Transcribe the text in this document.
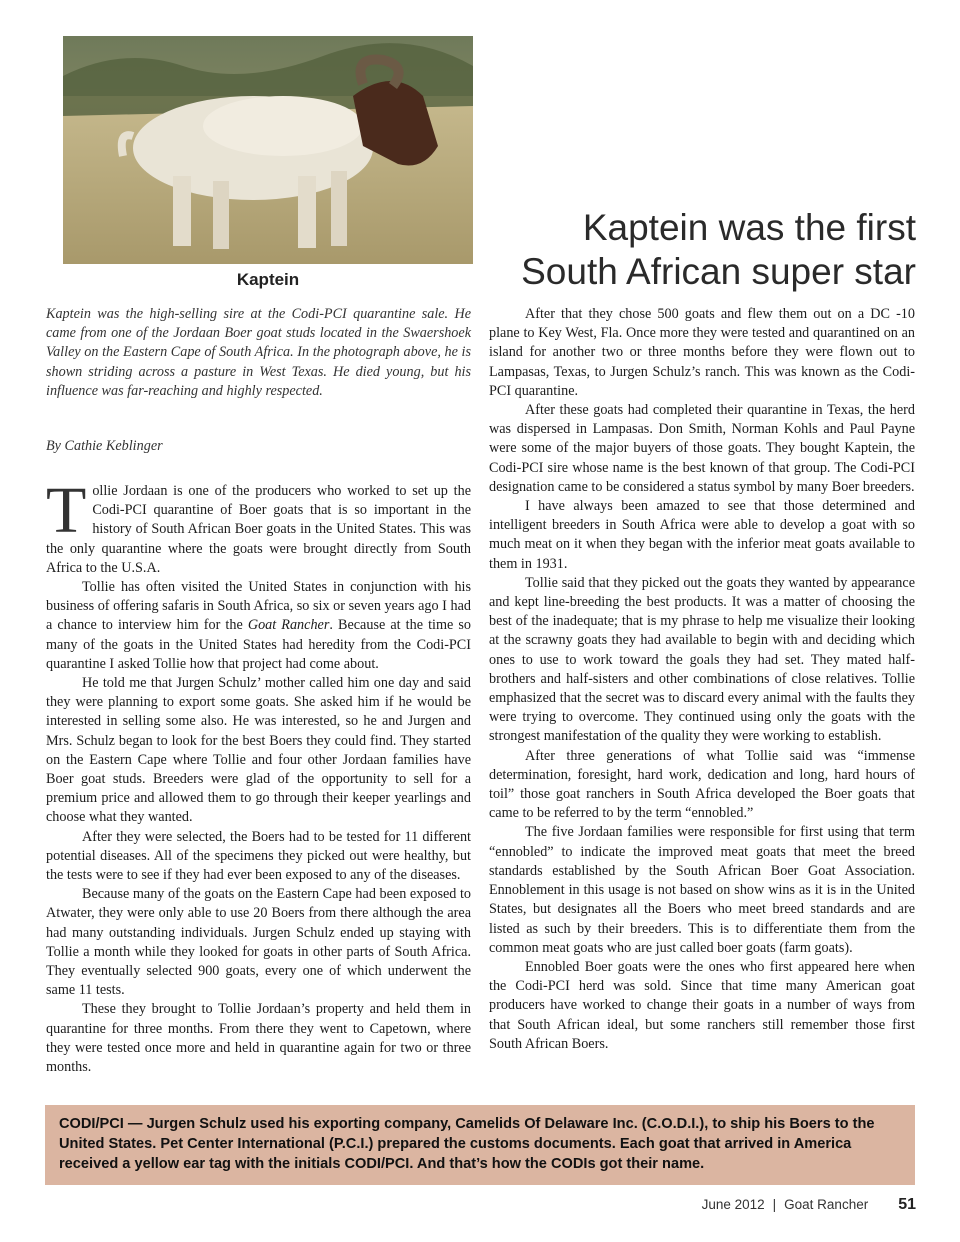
Kaptein
Kaptein was the first
South African super star
Kaptein was the high-selling sire at the Codi-PCI quarantine sale. He came from one of the Jordaan Boer goat studs located in the Swaershoek Valley on the Eastern Cape of South Africa. In the photograph above, he is shown striding across a pasture in West Texas. He died young, but his influence was far-reaching and highly respected.
By Cathie Keblinger

Tollie Jordaan is one of the producers who worked to set up the Codi-PCI quarantine of Boer goats that is so important in the history of South African Boer goats in the United States. This was the only quarantine where the goats were brought directly from South Africa to the U.S.A.

Tollie has often visited the United States in conjunction with his business of offering safaris in South Africa, so six or seven years ago I had a chance to interview him for the Goat Rancher. Because at the time so many of the goats in the United States had heredity from the Codi-PCI quarantine I asked Tollie how that project had come about.

He told me that Jurgen Schulz’ mother called him one day and said they were planning to export some goats. She asked him if he would be interested in selling some also. He was interested, so he and Jurgen and Mrs. Schulz began to look for the best Boers they could find. They started on the Eastern Cape where Tollie and four other Jordaan families have Boer goat studs. Breeders were glad of the opportunity to sell for a premium price and allowed them to go through their keeper yearlings and choose what they wanted.

After they were selected, the Boers had to be tested for 11 different potential diseases. All of the specimens they picked out were healthy, but the tests were to see if they had ever been exposed to any of the diseases.

Because many of the goats on the Eastern Cape had been exposed to Atwater, they were only able to use 20 Boers from there although the area had many outstanding individuals. Jurgen Schulz ended up staying with Tollie a month while they looked for goats in other parts of South Africa. They eventually selected 900 goats, every one of which underwent the same 11 tests.

These they brought to Tollie Jordaan’s property and held them in quarantine for three months. From there they went to Capetown, where they were tested once more and held in quarantine again for two or three months.

After that they chose 500 goats and flew them out on a DC -10 plane to Key West, Fla. Once more they were tested and quarantined on an island for another two or three months before they were flown out to Lampasas, Texas, to Jurgen Schulz’s ranch. This was known as the Codi-PCI quarantine.

After these goats had completed their quarantine in Texas, the herd was dispersed in Lampasas. Don Smith, Norman Kohls and Paul Payne were some of the major buyers of those goats. They bought Kaptein, the Codi-PCI sire whose name is the best known of that group. The Codi-PCI designation came to be considered a status symbol by many Boer breeders.

I have always been amazed to see that those determined and intelligent breeders in South Africa were able to develop a goat with so much meat on it when they began with the inferior meat goats available to them in 1931.

Tollie said that they picked out the goats they wanted by appearance and kept line-breeding the best products. It was a matter of choosing the best of the inadequate; that is my phrase to help me visualize their looking at the scrawny goats they had available to begin with and deciding which ones to use to work toward the goals they had set. They mated half-brothers and half-sisters and other combinations of close relatives. Tollie emphasized that the secret was to discard every animal with the faults they were trying to overcome. They continued using only the goats with the strongest manifestation of the quality they were working to establish.

After three generations of what Tollie said was “immense determination, foresight, hard work, dedication and long, hard hours of toil” those goat ranchers in South Africa developed the Boer goats that came to be referred to by the term “ennobled.”

The five Jordaan families were responsible for first using that term “ennobled” to indicate the improved meat goats that meet the breed standards established by the South African Boer Goat Association. Ennoblement in this usage is not based on show wins as it is in the United States, but designates all the Boers who meet breed standards and are listed as such by their breeders. This is to differentiate them from the common meat goats who are just called boer goats (farm goats).

Ennobled Boer goats were the ones who first appeared here when the Codi-PCI herd was sold. Since that time many American goat producers have worked to change their goats in a number of ways from that South African ideal, but some ranchers still remember those first South African Boers.

CODI/PCI — Jurgen Schulz used his exporting company, Camelids Of Delaware Inc. (C.O.D.I.), to ship his Boers to the United States. Pet Center International (P.C.I.) prepared the customs documents. Each goat that arrived in America received a yellow ear tag with the initials CODI/PCI. And that’s how the CODIs got their name.
June 2012 | Goat Rancher 51
